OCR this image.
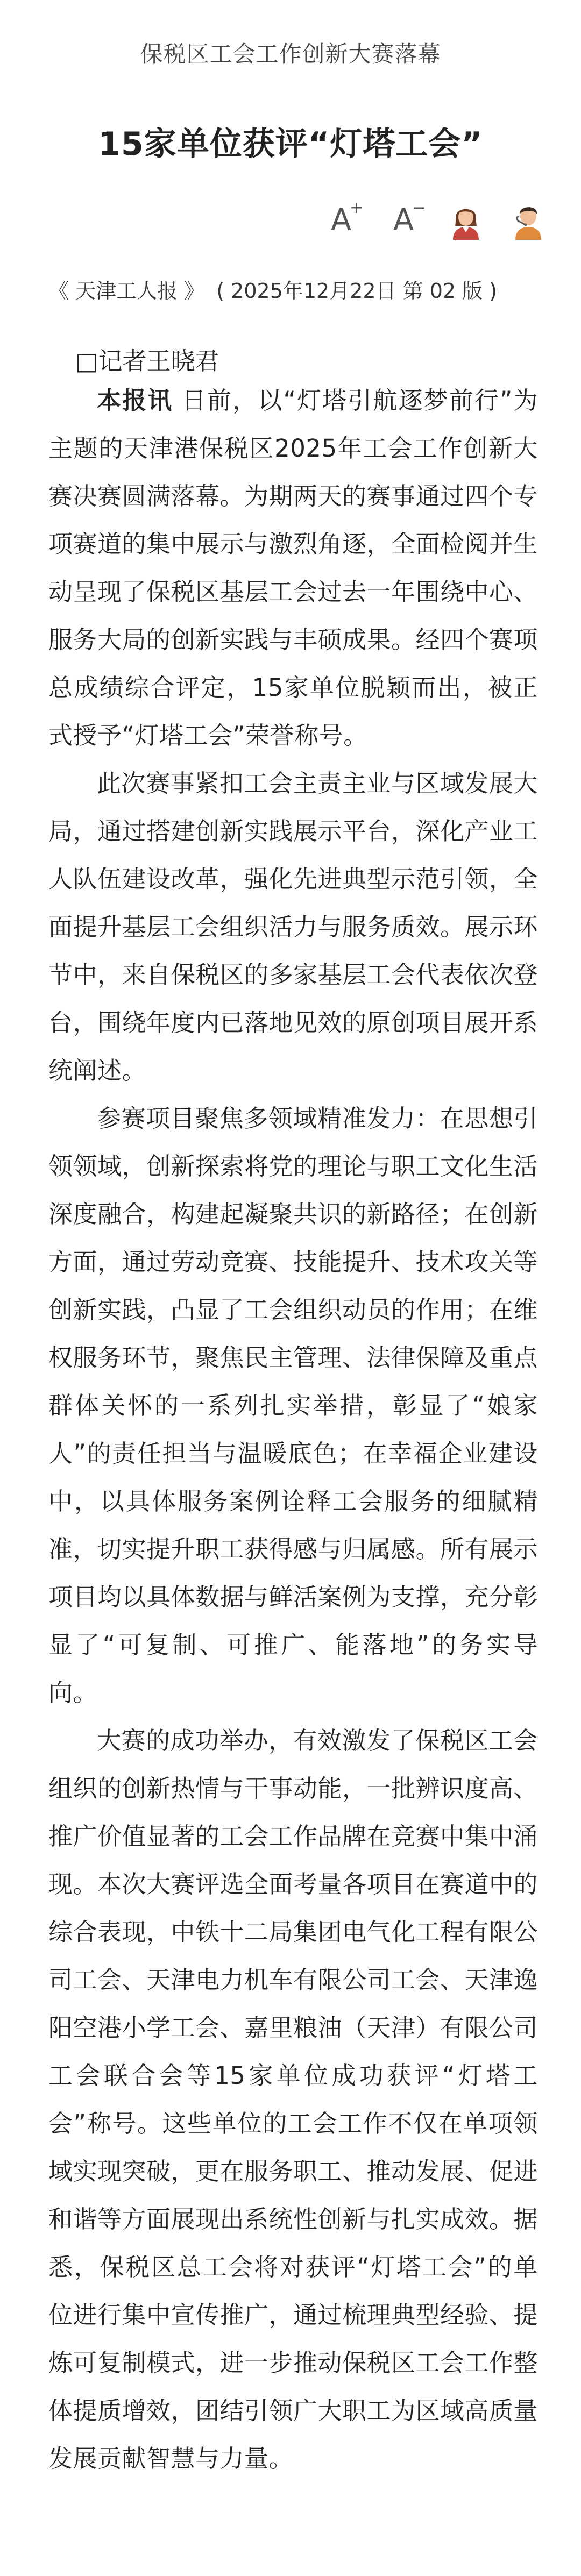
保税区工会工作创新大赛落幕
15家单位获评“灯塔工会”
A
+ A
−
《 天津工人报 》 ( 2025年12月22日 第 02 版 )
□记者王晓君

本报讯 日前，以“灯塔引航逐梦前行”为主题的天津港保税区2025年工会工作创新大赛决赛圆满落幕。为期两天的赛事通过四个专项赛道的集中展示与激烈角逐，全面检阅并生动呈现了保税区基层工会过去一年围绕中心、服务大局的创新实践与丰硕成果。经四个赛项总成绩综合评定，15家单位脱颖而出，被正式授予“灯塔工会”荣誉称号。

此次赛事紧扣工会主责主业与区域发展大局，通过搭建创新实践展示平台，深化产业工人队伍建设改革，强化先进典型示范引领，全面提升基层工会组织活力与服务质效。展示环节中，来自保税区的多家基层工会代表依次登台，围绕年度内已落地见效的原创项目展开系统阐述。

参赛项目聚焦多领域精准发力：在思想引领领域，创新探索将党的理论与职工文化生活深度融合，构建起凝聚共识的新路径；在创新方面，通过劳动竞赛、技能提升、技术攻关等创新实践，凸显了工会组织动员的作用；在维权服务环节，聚焦民主管理、法律保障及重点群体关怀的一系列扎实举措，彰显了“娘家人”的责任担当与温暖底色；在幸福企业建设中，以具体服务案例诠释工会服务的细腻精准，切实提升职工获得感与归属感。所有展示项目均以具体数据与鲜活案例为支撑，充分彰显了“可复制、可推广、能落地”的务实导向。

大赛的成功举办，有效激发了保税区工会组织的创新热情与干事动能，一批辨识度高、推广价值显著的工会工作品牌在竞赛中集中涌现。本次大赛评选全面考量各项目在赛道中的综合表现，中铁十二局集团电气化工程有限公司工会、天津电力机车有限公司工会、天津逸阳空港小学工会、嘉里粮油（天津）有限公司工会联合会等15家单位成功获评“灯塔工会”称号。这些单位的工会工作不仅在单项领域实现突破，更在服务职工、推动发展、促进和谐等方面展现出系统性创新与扎实成效。据悉，保税区总工会将对获评“灯塔工会”的单位进行集中宣传推广，通过梳理典型经验、提炼可复制模式，进一步推动保税区工会工作整体提质增效，团结引领广大职工为区域高质量发展贡献智慧与力量。
